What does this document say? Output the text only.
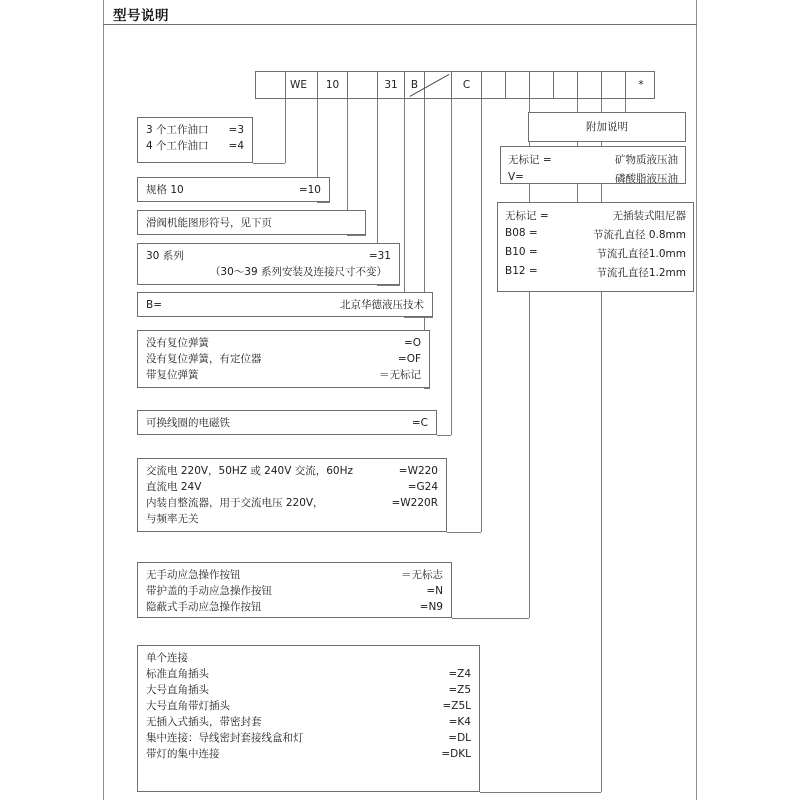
型号说明
WE	10	31	B	C	*
3 个工作油口 =3
4 个工作油口 =4
规格 10	=10
滑阀机能图形符号，见下页
30 系列	=31
（30～39 系列安装及连接尺寸不变）
B=	北京华德液压技术
没有复位弹簧	=O
没有复位弹簧，有定位器	=OF
带复位弹簧	＝无标记
可换线圈的电磁铁	=C
交流电 220V，50HZ 或 240V 交流，60Hz	=W220
直流电 24V	=G24
内装自整流器，用于交流电压 220V，	=W220R
与频率无关
无手动应急操作按钮	＝无标志
带护盖的手动应急操作按钮	=N
隐蔽式手动应急操作按钮	=N9
单个连接
标准直角插头	=Z4
大号直角插头	=Z5
大号直角带灯插头	=Z5L
无插入式插头，带密封套	=K4
集中连接：导线密封套接线盒和灯	=DL
带灯的集中连接	=DKL
附加说明
无标记 =	矿物质液压油
V=	磷酸脂液压油
无标记 =	无插装式阻尼器
B08 =	节流孔直径 0.8mm
B10 =	节流孔直径1.0mm
B12 =	节流孔直径1.2mm
